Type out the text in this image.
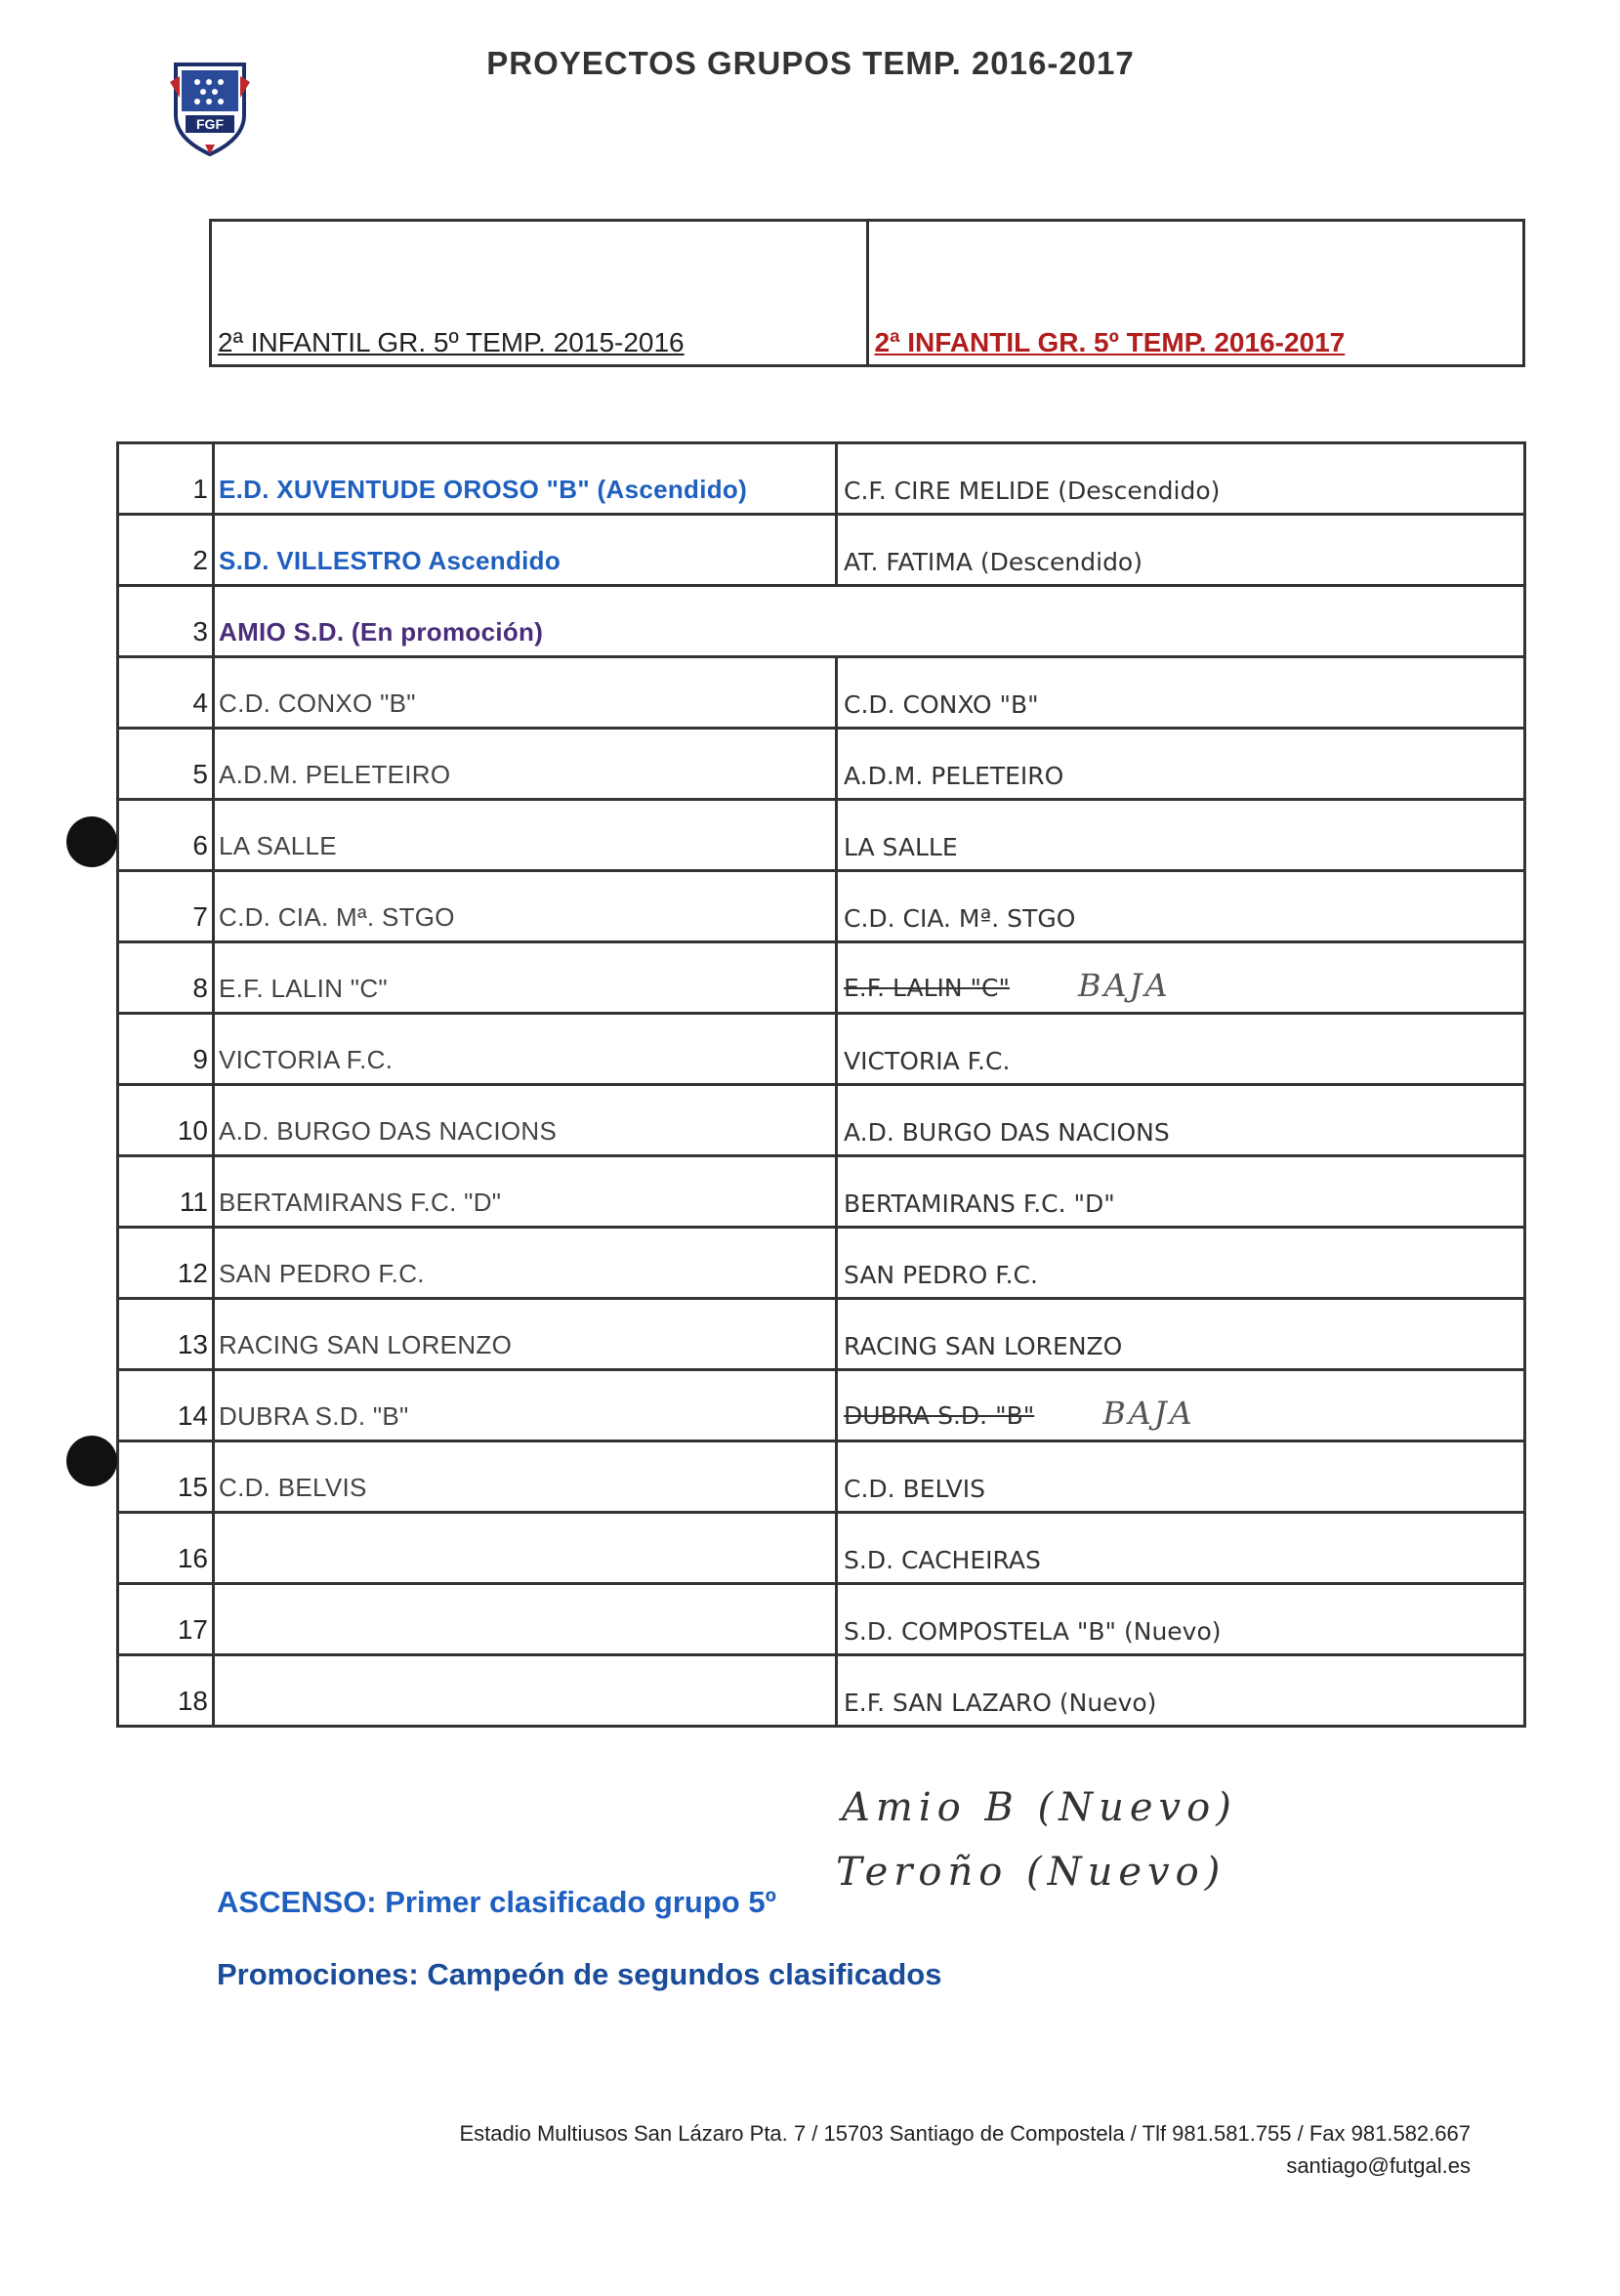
FGF
PROYECTOS GRUPOS TEMP. 2016-2017
2ª INFANTIL GR. 5º TEMP. 2015-2016	2ª INFANTIL GR. 5º TEMP. 2016-2017
1	E.D. XUVENTUDE OROSO "B" (Ascendido)	C.F. CIRE MELIDE (Descendido)
2	S.D. VILLESTRO Ascendido	AT. FATIMA (Descendido)
3	AMIO S.D. (En promoción)	
4	C.D. CONXO "B"	C.D. CONXO "B"
5	A.D.M. PELETEIRO	A.D.M. PELETEIRO
6	LA SALLE	LA SALLE
7	C.D. CIA. Mª. STGO	C.D. CIA. Mª. STGO
8	E.F. LALIN "C"	E.F. LALIN "C" BAJA
9	VICTORIA F.C.	VICTORIA F.C.
10	A.D. BURGO DAS NACIONS	A.D. BURGO DAS NACIONS
11	BERTAMIRANS F.C. "D"	BERTAMIRANS F.C. "D"
12	SAN PEDRO F.C.	SAN PEDRO F.C.
13	RACING SAN LORENZO	RACING SAN LORENZO
14	DUBRA S.D. "B"	DUBRA S.D. "B" BAJA
15	C.D. BELVIS	C.D. BELVIS
16		S.D. CACHEIRAS
17		S.D. COMPOSTELA "B" (Nuevo)
18		E.F. SAN LAZARO (Nuevo)
Amio B (Nuevo)
Teroño (Nuevo)
ASCENSO: Primer clasificado grupo 5º
Promociones: Campeón de segundos clasificados
Estadio Multiusos San Lázaro Pta. 7 / 15703 Santiago de Compostela / Tlf 981.581.755 / Fax 981.582.667
santiago@futgal.es
